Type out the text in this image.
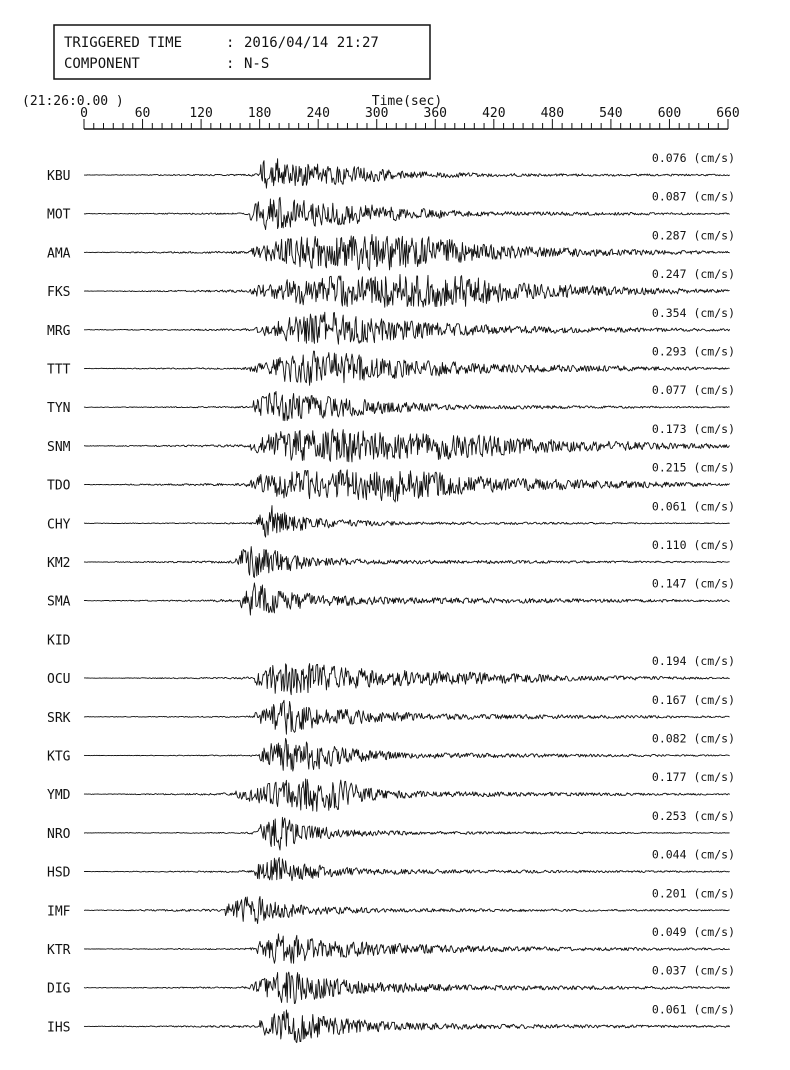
TRIGGERED TIME	: 2016/04/14 21:27
COMPONENT	: N-S
(21:26:0.00 )	Time(sec)
0	60	120	180	240	300	360	420	480	540	600	660
KBU
0.076 (cm/s)
MOT
0.087 (cm/s)
AMA
0.287 (cm/s)
FKS
0.247 (cm/s)
MRG
0.354 (cm/s)
TTT
0.293 (cm/s)
TYN
0.077 (cm/s)
SNM
0.173 (cm/s)
TDO
0.215 (cm/s)
CHY
0.061 (cm/s)
KM2
0.110 (cm/s)
SMA
0.147 (cm/s)
KID
OCU
0.194 (cm/s)
SRK
0.167 (cm/s)
KTG
0.082 (cm/s)
YMD
0.177 (cm/s)
NRO
0.253 (cm/s)
HSD
0.044 (cm/s)
IMF
0.201 (cm/s)
KTR
0.049 (cm/s)
DIG
0.037 (cm/s)
IHS
0.061 (cm/s)
